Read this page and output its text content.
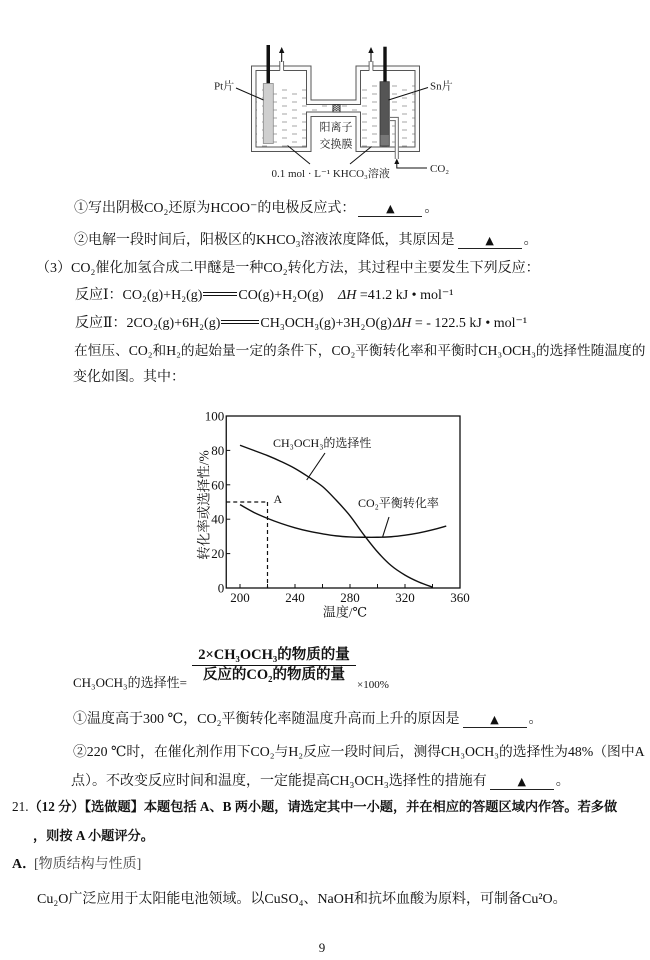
Pt片	Sn片
阳离子
交换膜
0.1 mol · L⁻¹ KHCO₃溶液	CO₂
①写出阴极CO₂还原为HCOO⁻的电极反应式：	▲ 。
②电解一段时间后，阳极区的KHCO₃溶液浓度降低，其原因是	▲ 。
（3）CO₂催化加氢合成二甲醚是一种CO₂转化方法，其过程中主要发生下列反应：
反应Ⅰ：CO₂(g)+H₂(g)	CO(g)+H₂O(g) ΔH =41.2 kJ • mol⁻¹
反应Ⅱ：2CO₂(g)+6H₂(g)	CH₃OCH₃(g)+3H₂O(g) ΔH = - 122.5 kJ • mol⁻¹
在恒压、CO₂和H₂的起始量一定的条件下，CO₂平衡转化率和平衡时CH₃OCH₃的选择性随温度的
变化如图。其中：
200	240	280	320	360
0
20
40
60
80
100
转化率或选择性/%
温度/℃
A
CH₃OCH₃的选择性
CO₂平衡转化率
CH₃OCH₃的选择性=
2×CH₃OCH₃的物质的量
反应的CO₂的物质的量
×100%
①温度高于300 ℃，CO₂平衡转化率随温度升高而上升的原因是	▲ 。
②220 ℃时，在催化剂作用下CO₂与H₂反应一段时间后，测得CH₃OCH₃的选择性为48%（图中A
点）。不改变反应时间和温度，一定能提高CH₃OCH₃选择性的措施有	▲ 。
21.（12 分）【选做题】本题包括 A、B 两小题，请选定其中一小题，并在相应的答题区域内作答。若多做
，则按 A 小题评分。
A．
[物质结构与性质]
Cu₂O广泛应用于太阳能电池领域。以CuSO₄、NaOH和抗坏血酸为原料，可制备Cu²O。
9
